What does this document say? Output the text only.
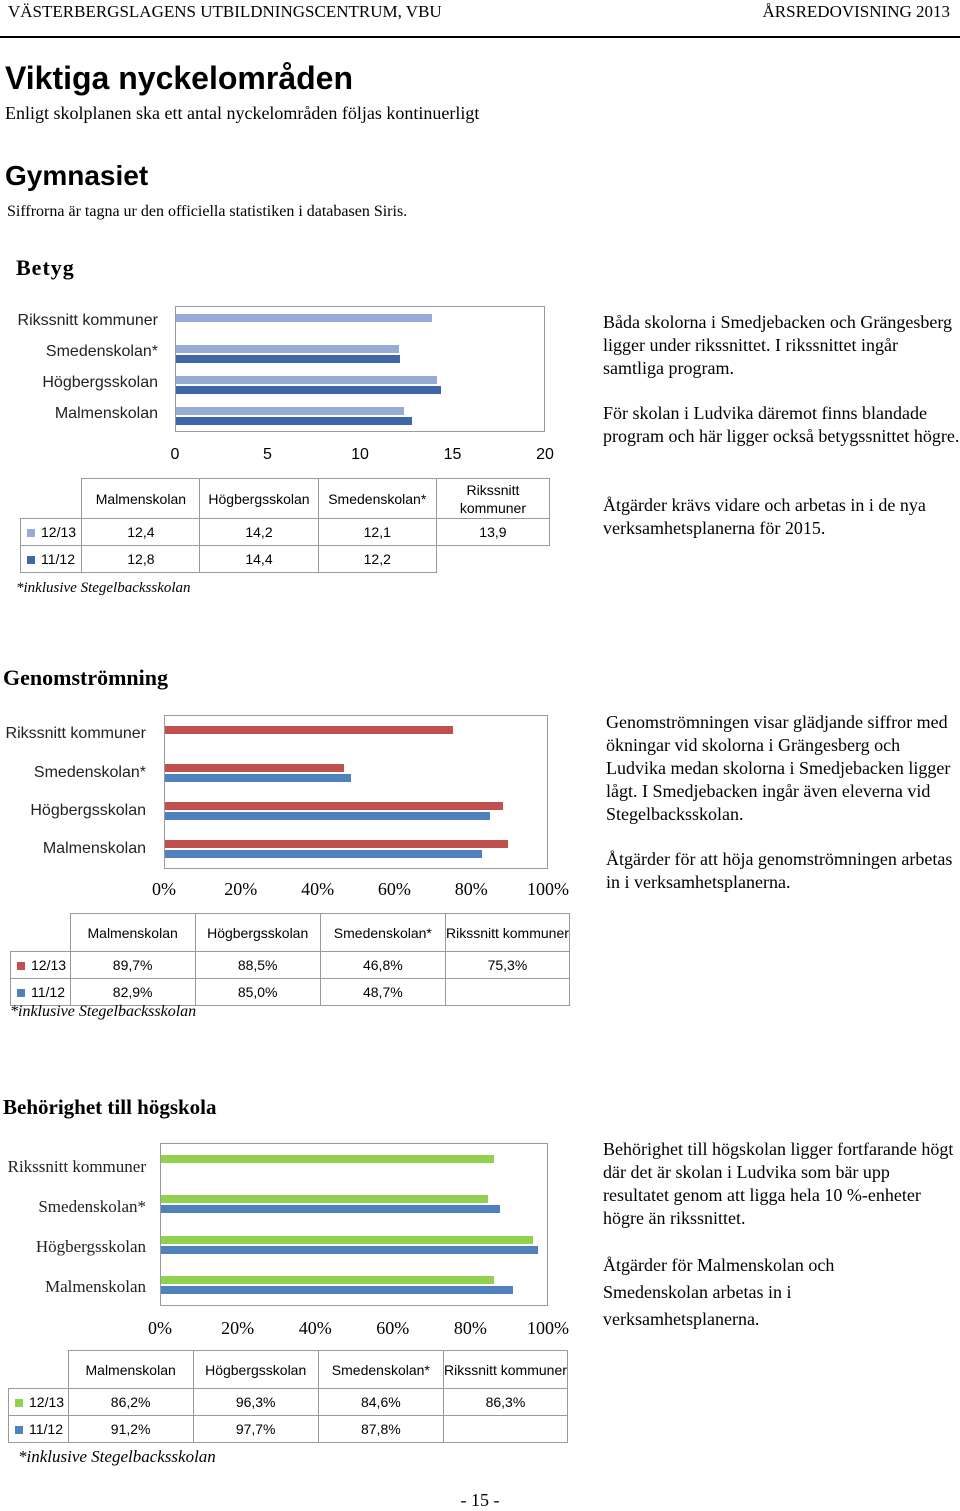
VÄSTERBERGSLAGENS UTBILDNINGSCENTRUM, VBU	ÅRSREDOVISNING 2013
Viktiga nyckelområden
Enligt skolplanen ska ett antal nyckelområden följas kontinuerligt
Gymnasiet
Siffrorna är tagna ur den officiella statistiken i databasen Siris.
Betyg
Rikssnitt kommuner
Smedenskolan*
Högbergsskolan
Malmenskolan
0	5	10	15	20
	Malmenskolan	Högbergsskolan	Smedenskolan*	Rikssnitt kommuner
12/13	12,4	14,2	12,1	13,9
11/12	12,8	14,4	12,2	
*inklusive Stegelbacksskolan
Båda skolorna i Smedjebacken och Grängesberg ligger under rikssnittet. I rikssnittet ingår samtliga program.
För skolan i Ludvika däremot finns blandade program och här ligger också betygssnittet högre.
Åtgärder krävs vidare och arbetas in i de nya verksamhetsplanerna för 2015.
Genomströmning
Rikssnitt kommuner
Smedenskolan*
Högbergsskolan
Malmenskolan
0%	20%	40%	60%	80%	100%
	Malmenskolan	Högbergsskolan	Smedenskolan*	Rikssnitt kommuner
12/13	89,7%	88,5%	46,8%	75,3%
11/12	82,9%	85,0%	48,7%	
*inklusive Stegelbacksskolan
Genomströmningen visar glädjande siffror med ökningar vid skolorna i Grängesberg och Ludvika medan skolorna i Smedjebacken ligger lågt. I Smedjebacken ingår även eleverna vid Stegelbacksskolan.
Åtgärder för att höja genomströmningen arbetas in i verksamhetsplanerna.
Behörighet till högskola
Rikssnitt kommuner
Smedenskolan*
Högbergsskolan
Malmenskolan
0%	20%	40%	60%	80%	100%
	Malmenskolan	Högbergsskolan	Smedenskolan*	Rikssnitt kommuner
12/13	86,2%	96,3%	84,6%	86,3%
11/12	91,2%	97,7%	87,8%	
*inklusive Stegelbacksskolan
Behörighet till högskolan ligger fortfarande högt där det är skolan i Ludvika som bär upp resultatet genom att ligga hela 10 %-enheter högre än rikssnittet.
Åtgärder för Malmenskolan och Smedenskolan arbetas in i verksamhetsplanerna.
- 15 -
